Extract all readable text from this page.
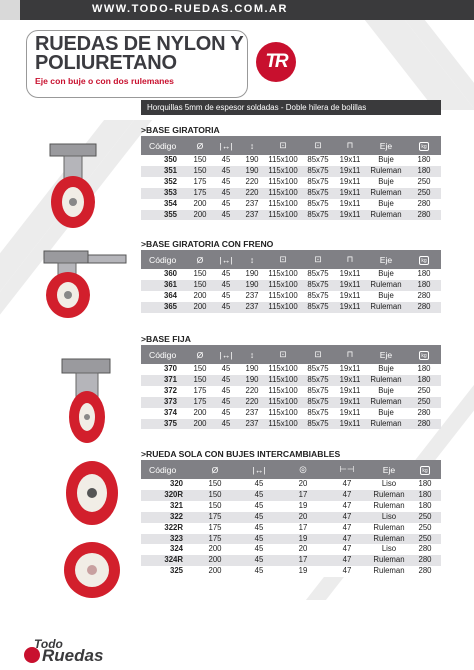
WWW.TODO-RUEDAS.COM.AR
RUEDAS DE NYLON Y
POLIURETANO
Eje con buje o con dos rulemanes
TR
Horquillas 5mm de espesor soldadas - Doble hilera de bolillas
>BASE GIRATORIA
Código	Ø	|↔|	↕	⊡	⊡	⊓	Eje	kg
350	150	45	190	115x100	85x75	19x11	Buje	180
351	150	45	190	115x100	85x75	19x11	Ruleman	180
352	175	45	220	115x100	85x75	19x11	Buje	250
353	175	45	220	115x100	85x75	19x11	Ruleman	250
354	200	45	237	115x100	85x75	19x11	Buje	280
355	200	45	237	115x100	85x75	19x11	Ruleman	280
>BASE GIRATORIA CON FRENO
Código	Ø	|↔|	↕	⊡	⊡	⊓	Eje	kg
360	150	45	190	115x100	85x75	19x11	Buje	180
361	150	45	190	115x100	85x75	19x11	Ruleman	180
364	200	45	237	115x100	85x75	19x11	Buje	280
365	200	45	237	115x100	85x75	19x11	Ruleman	280
>BASE FIJA
Código	Ø	|↔|	↕	⊡	⊡	⊓	Eje	kg
370	150	45	190	115x100	85x75	19x11	Buje	180
371	150	45	190	115x100	85x75	19x11	Ruleman	180
372	175	45	220	115x100	85x75	19x11	Buje	250
373	175	45	220	115x100	85x75	19x11	Ruleman	250
374	200	45	237	115x100	85x75	19x11	Buje	280
375	200	45	237	115x100	85x75	19x11	Ruleman	280
>RUEDA SOLA CON BUJES INTERCAMBIABLES
Código	Ø	|↔|	◎	⊢⊣	Eje	kg
320	150	45	20	47	Liso	180
320R	150	45	17	47	Ruleman	180
321	150	45	19	47	Ruleman	180
322	175	45	20	47	Liso	250
322R	175	45	17	47	Ruleman	250
323	175	45	19	47	Ruleman	250
324	200	45	20	47	Liso	280
324R	200	45	17	47	Ruleman	280
325	200	45	19	47	Ruleman	280
Todo
Ruedas
